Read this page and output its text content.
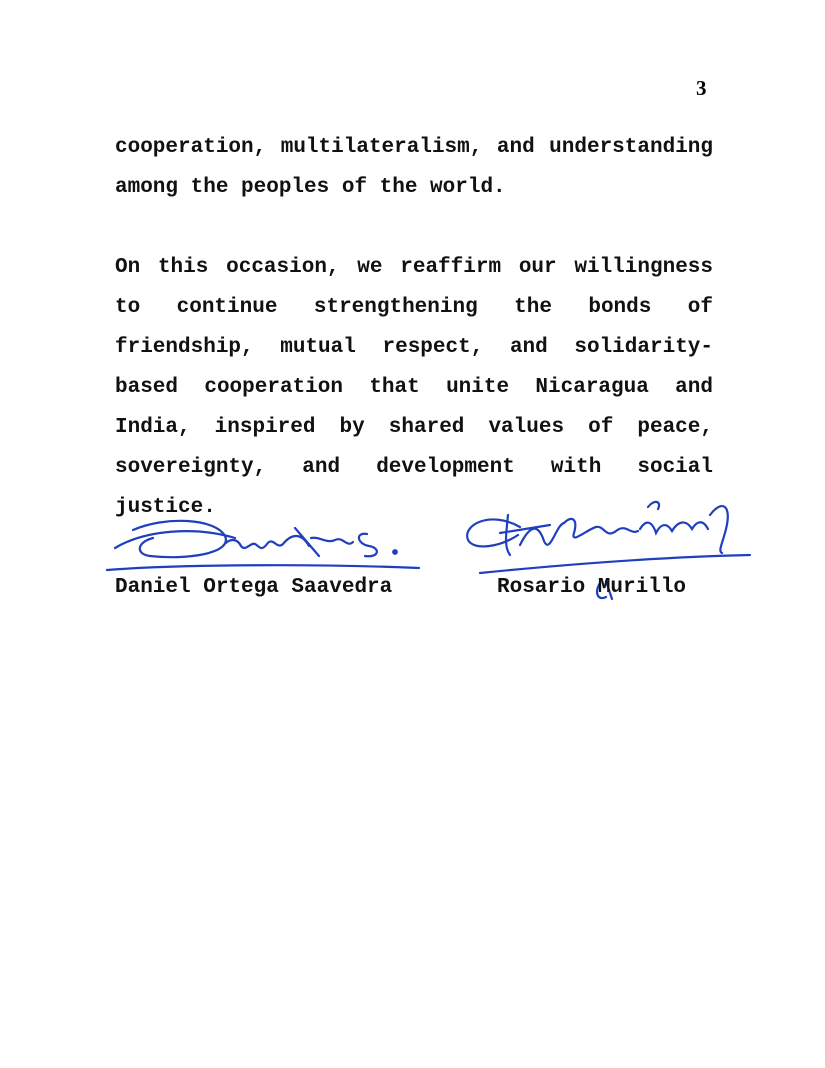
3
cooperation, multilateralism, and understanding
among the peoples of the world.
On this occasion, we reaffirm our willingness to continue strengthening the bonds of friendship, mutual respect, and solidarity-based cooperation that unite Nicaragua and India, inspired by shared values of peace, sovereignty, and development with social justice.
Daniel Ortega Saavedra	Rosario Murillo
